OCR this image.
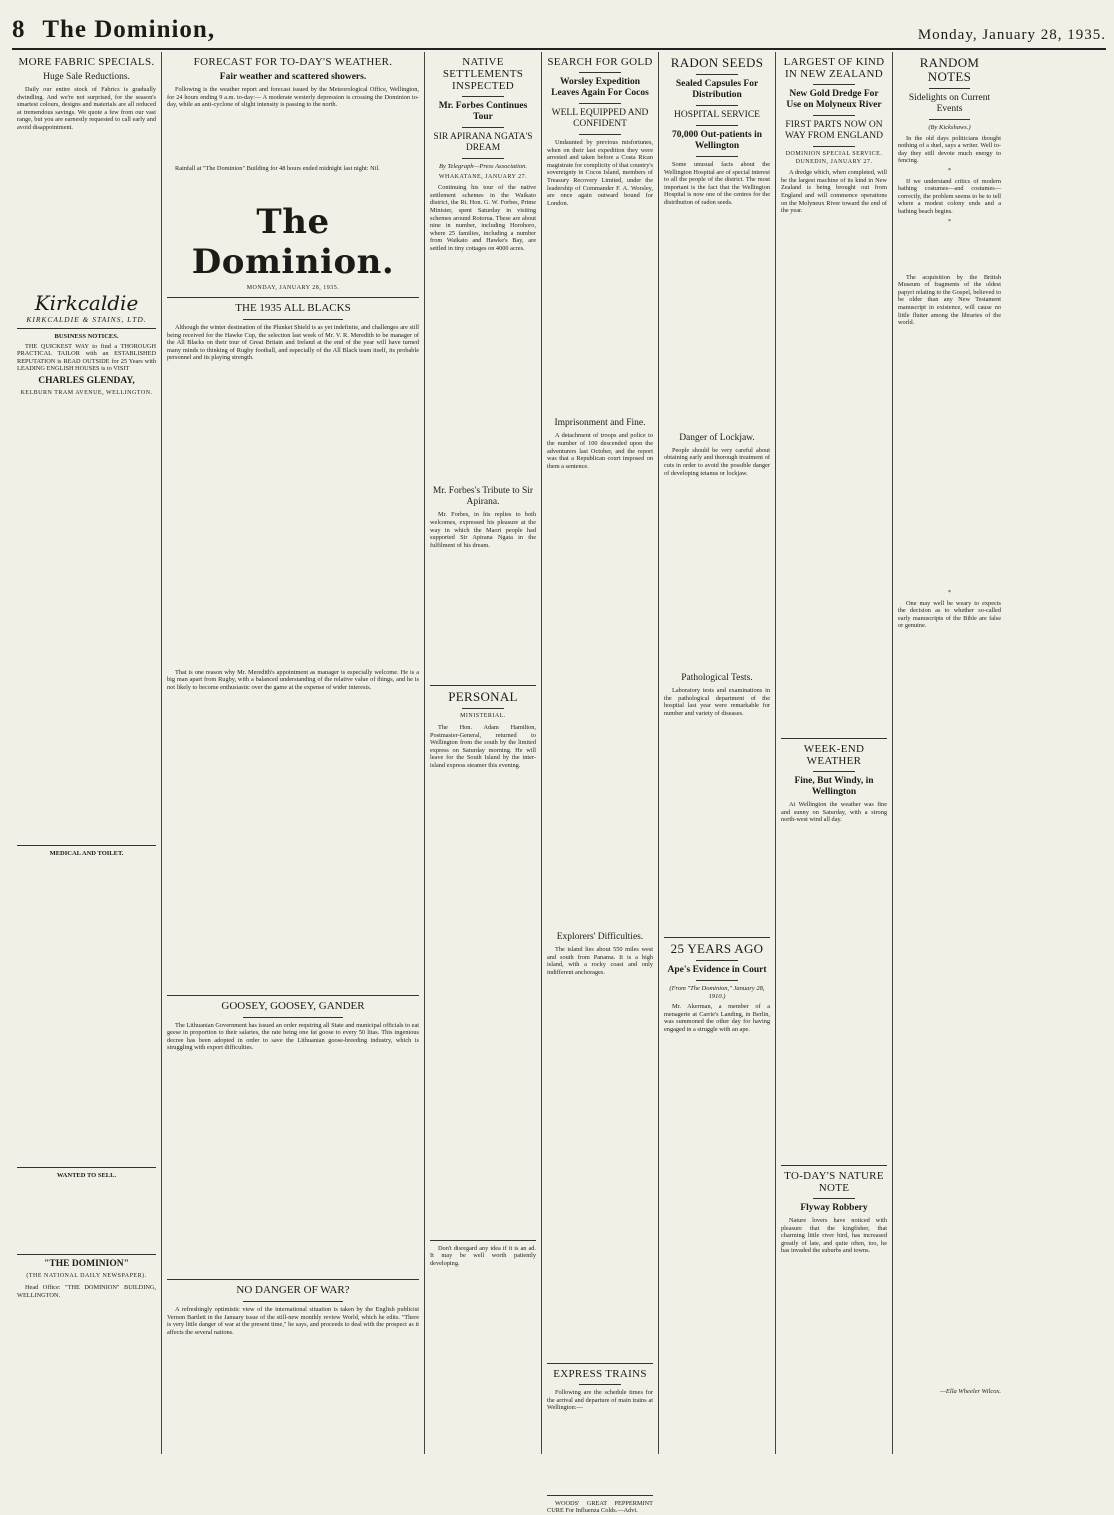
8 The Dominion,	Monday, January 28, 1935.
MORE FABRIC SPECIALS.
Huge Sale Reductions.

Daily our entire stock of Fabrics is gradually dwindling. And we're not surprised, for the season's smartest colours, designs and materials are all reduced at tremendous savings. We quote a few from our vast range, but you are earnestly requested to call early and avoid disappointment.

Kirkcaldie
KIRKCALDIE & STAINS, LTD.
BUSINESS NOTICES.

THE QUICKEST WAY to find a THOROUGH PRACTICAL TAILOR with an ESTABLISHED REPUTATION is READ OUTSIDE for 25 Years with LEADING ENGLISH HOUSES is to VISIT

CHARLES GLENDAY,
KELBURN TRAM AVENUE, WELLINGTON.

MEDICAL AND TOILET.

WANTED TO SELL.

"THE DOMINION"
(THE NATIONAL DAILY NEWSPAPER).

Head Office: "THE DOMINION" BUILDING, WELLINGTON.

FORECAST FOR TO-DAY'S WEATHER.
Fair weather and scattered showers.

Following is the weather report and forecast issued by the Meteorological Office, Wellington, for 24 hours ending 9 a.m. to-day:— A moderate westerly depression is crossing the Dominion to-day, while an anti-cyclone of slight intensity is passing to the north.

Rainfall at "The Dominion" Building for 48 hours ended midnight last night: Nil.

The Dominion.
MONDAY, JANUARY 28, 1935.
THE 1935 ALL BLACKS

Although the winter destination of the Plunket Shield is as yet indefinite, and challenges are still being received for the Hawke Cup, the selection last week of Mr. V. R. Meredith to be manager of the All Blacks on their tour of Great Britain and Ireland at the end of the year will have turned many minds to thinking of Rugby football, and especially of the All Black team itself, its probable personnel and its playing strength.

That is one reason why Mr. Meredith's appointment as manager is especially welcome. He is a big man apart from Rugby, with a balanced understanding of the relative value of things, and he is not likely to become enthusiastic over the game at the expense of wider interests.

GOOSEY, GOOSEY, GANDER

The Lithuanian Government has issued an order requiring all State and municipal officials to eat geese in proportion to their salaries, the rate being one fat goose to every 50 litas. This ingenious decree has been adopted in order to save the Lithuanian goose-breeding industry, which is struggling with export difficulties.

NO DANGER OF WAR?

A refreshingly optimistic view of the international situation is taken by the English publicist Vernon Bartlett in the January issue of the still-new monthly review World, which he edits. "There is very little danger of war at the present time," he says, and proceeds to deal with the prospect as it affects the several nations.

NATIVE SETTLEMENTS INSPECTED
Mr. Forbes Continues Tour
SIR APIRANA NGATA'S DREAM
By Telegraph—Press Association.
WHAKATANE, JANUARY 27.

Continuing his tour of the native settlement schemes in the Waikato district, the Rt. Hon. G. W. Forbes, Prime Minister, spent Saturday in visiting schemes around Rotorua. These are about nine in number, including Horohoro, where 25 families, including a number from Waikato and Hawke's Bay, are settled in tiny cottages on 4000 acres.

Mr. Forbes's Tribute to Sir Apirana.

Mr. Forbes, in his replies to both welcomes, expressed his pleasure at the way in which the Maori people had supported Sir Apirana Ngata in the fulfilment of his dream.

PERSONAL
MINISTERIAL.

The Hon. Adam Hamilton, Postmaster-General, returned to Wellington from the south by the limited express on Saturday morning. He will leave for the South Island by the inter-island express steamer this evening.

Don't disregard any idea if it is an ad. It may be well worth patiently developing.

SEARCH FOR GOLD
Worsley Expedition Leaves Again For Cocos
WELL EQUIPPED AND CONFIDENT

Undaunted by previous misfortunes, when on their last expedition they were arrested and taken before a Costa Rican magistrate for complicity of that country's sovereignty in Cocos Island, members of Treasury Recovery Limited, under the leadership of Commander F. A. Worsley, are once again outward bound for London.

Imprisonment and Fine.

A detachment of troops and police to the number of 100 descended upon the adventurers last October, and the report was that a Republican court imposed on them a sentence.

Explorers' Difficulties.

The island lies about 550 miles west and south from Panama. It is a high island, with a rocky coast and only indifferent anchorages.

EXPRESS TRAINS

Following are the schedule times for the arrival and departure of main trains at Wellington:—

WOODS' GREAT PEPPERMINT CURE For Influenza Colds.—Advt.

RADON SEEDS
Sealed Capsules For Distribution
HOSPITAL SERVICE
70,000 Out-patients in Wellington

Some unusual facts about the Wellington Hospital are of special interest to all the people of the district. The most important is the fact that the Wellington Hospital is now one of the centres for the distribution of radon seeds.

Danger of Lockjaw.

People should be very careful about obtaining early and thorough treatment of cuts in order to avoid the possible danger of developing tetanus or lockjaw.

Pathological Tests.

Laboratory tests and examinations in the pathological department of the hospital last year were remarkable for number and variety of diseases.

25 YEARS AGO
Ape's Evidence in Court
(From "The Dominion," January 28, 1910.)

Mr. Akerman, a member of a menagerie at Carrie's Landing, in Berlin, was summoned the other day for having engaged in a struggle with an ape.

LARGEST OF KIND IN NEW ZEALAND
New Gold Dredge For Use on Molyneux River
FIRST PARTS NOW ON WAY FROM ENGLAND
DOMINION SPECIAL SERVICE. DUNEDIN, JANUARY 27.

A dredge which, when completed, will be the largest machine of its kind in New Zealand is being brought out from England and will commence operations on the Molyneux River toward the end of the year.

WEEK-END WEATHER
Fine, But Windy, in Wellington

At Wellington the weather was fine and sunny on Saturday, with a strong north-west wind all day.

TO-DAY'S NATURE NOTE
Flyway Robbery

Nature lovers have noticed with pleasure that the kingfisher, that charming little river bird, has increased greatly of late, and quite often, too, he has invaded the suburbs and towns.

RANDOM NOTES
Sidelights on Current Events
(By Kickshaws.)

In the old days politicians thought nothing of a duel, says a writer. Well to-day they still devote much energy to fencing.

*

If we understand critics of modern bathing costumes—and costumes—correctly, the problem seems to be to tell where a modest colony ends and a bathing beach begins.

*

The acquisition by the British Museum of fragments of the oldest papyri relating to the Gospel, believed to be older than any New Testament manuscript in existence, will cause no little flutter among the libraries of the world.

*

One may well be weary to expects the decision as to whether so-called early manuscripts of the Bible are false or genuine.

—Ella Wheeler Wilcox.
